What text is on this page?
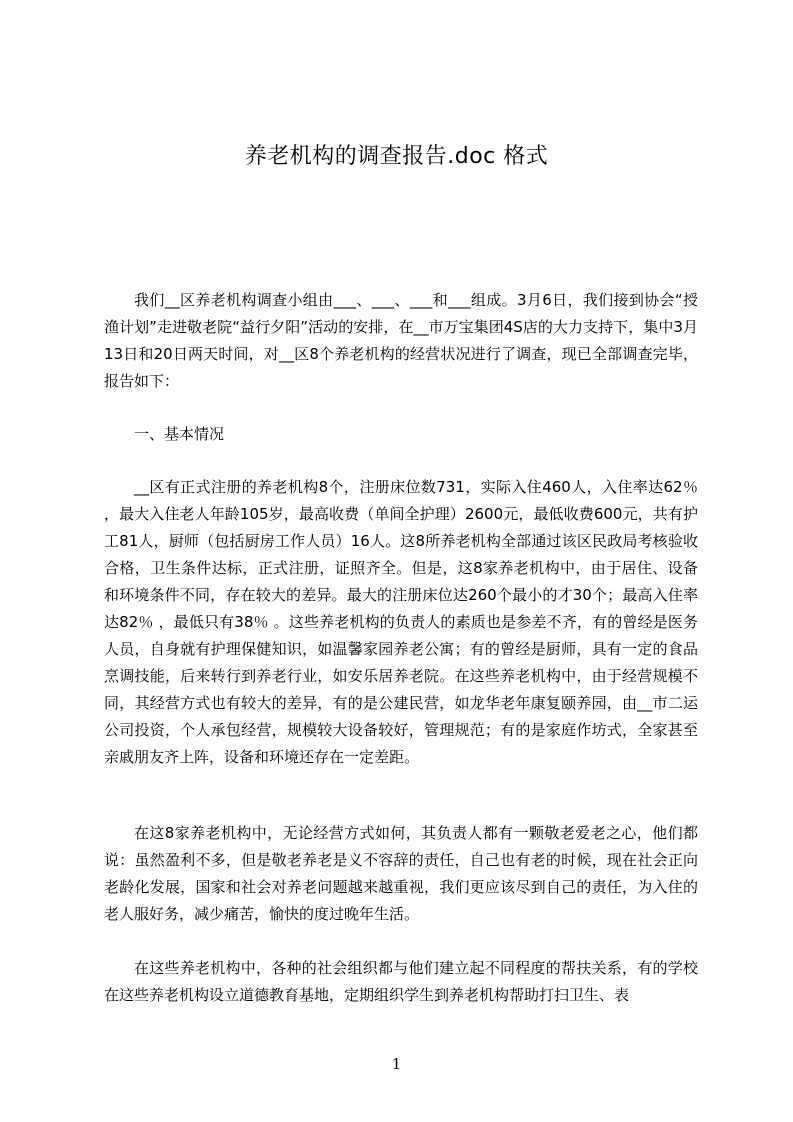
养老机构的调查报告.doc 格式

我们__区养老机构调查小组由___、___、___和___组成。3月6日，我们接到协会“授渔计划”走进敬老院“益行夕阳”活动的安排，在__市万宝集团4S店的大力支持下，集中3月13日和20日两天时间，对__区8个养老机构的经营状况进行了调查，现已全部调查完毕，报告如下：

一、基本情况

__区有正式注册的养老机构8个，注册床位数731，实际入住460人，入住率达62％ ，最大入住老人年龄105岁，最高收费（单间全护理）2600元，最低收费600元，共有护工81人，厨师（包括厨房工作人员）16人。这8所养老机构全部通过该区民政局考核验收合格，卫生条件达标，正式注册，证照齐全。但是，这8家养老机构中，由于居住、设备和环境条件不同，存在较大的差异。最大的注册床位达260个最小的才30个；最高入住率达82％ ，最低只有38％ 。这些养老机构的负责人的素质也是参差不齐，有的曾经是医务人员，自身就有护理保健知识，如温馨家园养老公寓；有的曾经是厨师，具有一定的食品烹调技能，后来转行到养老行业，如安乐居养老院。在这些养老机构中，由于经营规模不同，其经营方式也有较大的差异，有的是公建民营，如龙华老年康复颐养园，由__市二运公司投资，个人承包经营，规模较大设备较好，管理规范；有的是家庭作坊式，全家甚至亲戚朋友齐上阵，设备和环境还存在一定差距。

在这8家养老机构中，无论经营方式如何，其负责人都有一颗敬老爱老之心，他们都说：虽然盈利不多，但是敬老养老是义不容辞的责任，自己也有老的时候，现在社会正向老龄化发展，国家和社会对养老问题越来越重视，我们更应该尽到自己的责任，为入住的老人服好务，减少痛苦，愉快的度过晚年生活。

在这些养老机构中，各种的社会组织都与他们建立起不同程度的帮扶关系，有的学校在这些养老机构设立道德教育基地，定期组织学生到养老机构帮助打扫卫生、表

1
